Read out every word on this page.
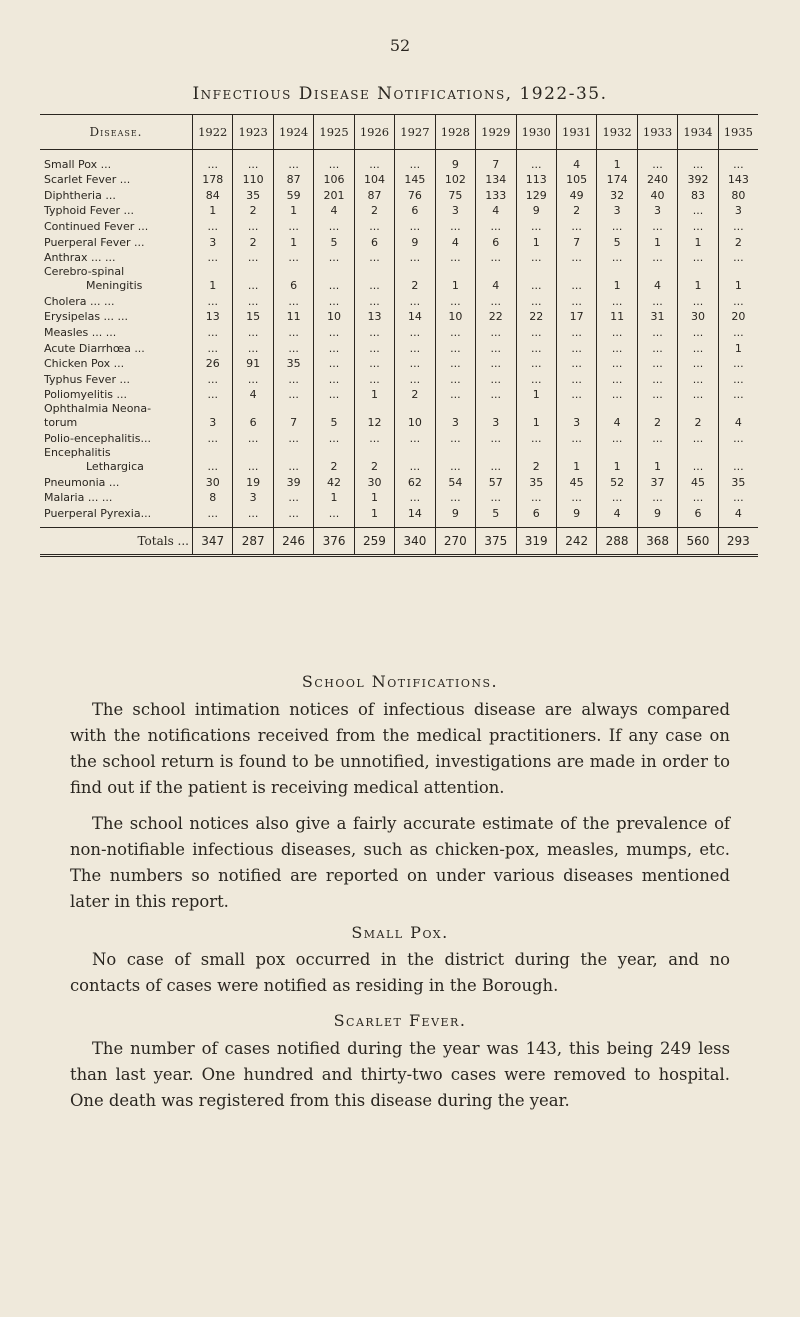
52
Infectious Disease Notifications, 1922-35.
Disease.	1922	1923	1924	1925	1926	1927	1928	1929	1930	1931	1932	1933	1934	1935

Small Pox ...	...	...	...	...	...	...	9	7	...	4	1	...	...	...

Scarlet Fever ...	178	110	87	106	104	145	102	134	113	105	174	240	392	143

Diphtheria ...	84	35	59	201	87	76	75	133	129	49	32	40	83	80

Typhoid Fever ...	1	2	1	4	2	6	3	4	9	2	3	3	...	3

Continued Fever ...	...	...	...	...	...	...	...	...	...	...	...	...	...	...

Puerperal Fever ...	3	2	1	5	6	9	4	6	1	7	5	1	1	2

Anthrax ... ...	...	...	...	...	...	...	...	...	...	...	...	...	...	...

Cerebro-spinal
Meningitis	1	...	6	...	...	2	1	4	...	...	1	4	1	1

Cholera ... ...	...	...	...	...	...	...	...	...	...	...	...	...	...	...

Erysipelas ... ...	13	15	11	10	13	14	10	22	22	17	11	31	30	20

Measles ... ...	...	...	...	...	...	...	...	...	...	...	...	...	...	...

Acute Diarrhœa ...	...	...	...	...	...	...	...	...	...	...	...	...	...	1

Chicken Pox ...	26	91	35	...	...	...	...	...	...	...	...	...	...	...

Typhus Fever ...	...	...	...	...	...	...	...	...	...	...	...	...	...	...

Poliomyelitis ...	...	4	...	...	1	2	...	...	1	...	...	...	...	...

Ophthalmia Neona-
torum	3	6	7	5	12	10	3	3	1	3	4	2	2	4

Polio-encephalitis...	...	...	...	...	...	...	...	...	...	...	...	...	...	...

Encephalitis
Lethargica	...	...	...	2	2	...	...	...	2	1	1	1	...	...

Pneumonia ...	30	19	39	42	30	62	54	57	35	45	52	37	45	35

Malaria ... ...	8	3	...	1	1	...	...	...	...	...	...	...	...	...

Puerperal Pyrexia...	...	...	...	...	1	14	9	5	6	9	4	9	6	4

Totals ...	347	287	246	376	259	340	270	375	319	242	288	368	560	293
School Notifications.

The school intimation notices of infectious disease are always compared with the notifications received from the medical practitioners. If any case on the school return is found to be unnotified, investigations are made in order to find out if the patient is receiving medical attention.

The school notices also give a fairly accurate estimate of the prevalence of non-notifiable infectious diseases, such as chicken-pox, measles, mumps, etc. The numbers so notified are reported on under various diseases mentioned later in this report.

Small Pox.

No case of small pox occurred in the district during the year, and no contacts of cases were notified as residing in the Borough.

Scarlet Fever.

The number of cases notified during the year was 143, this being 249 less than last year. One hundred and thirty-two cases were removed to hospital. One death was registered from this disease during the year.
